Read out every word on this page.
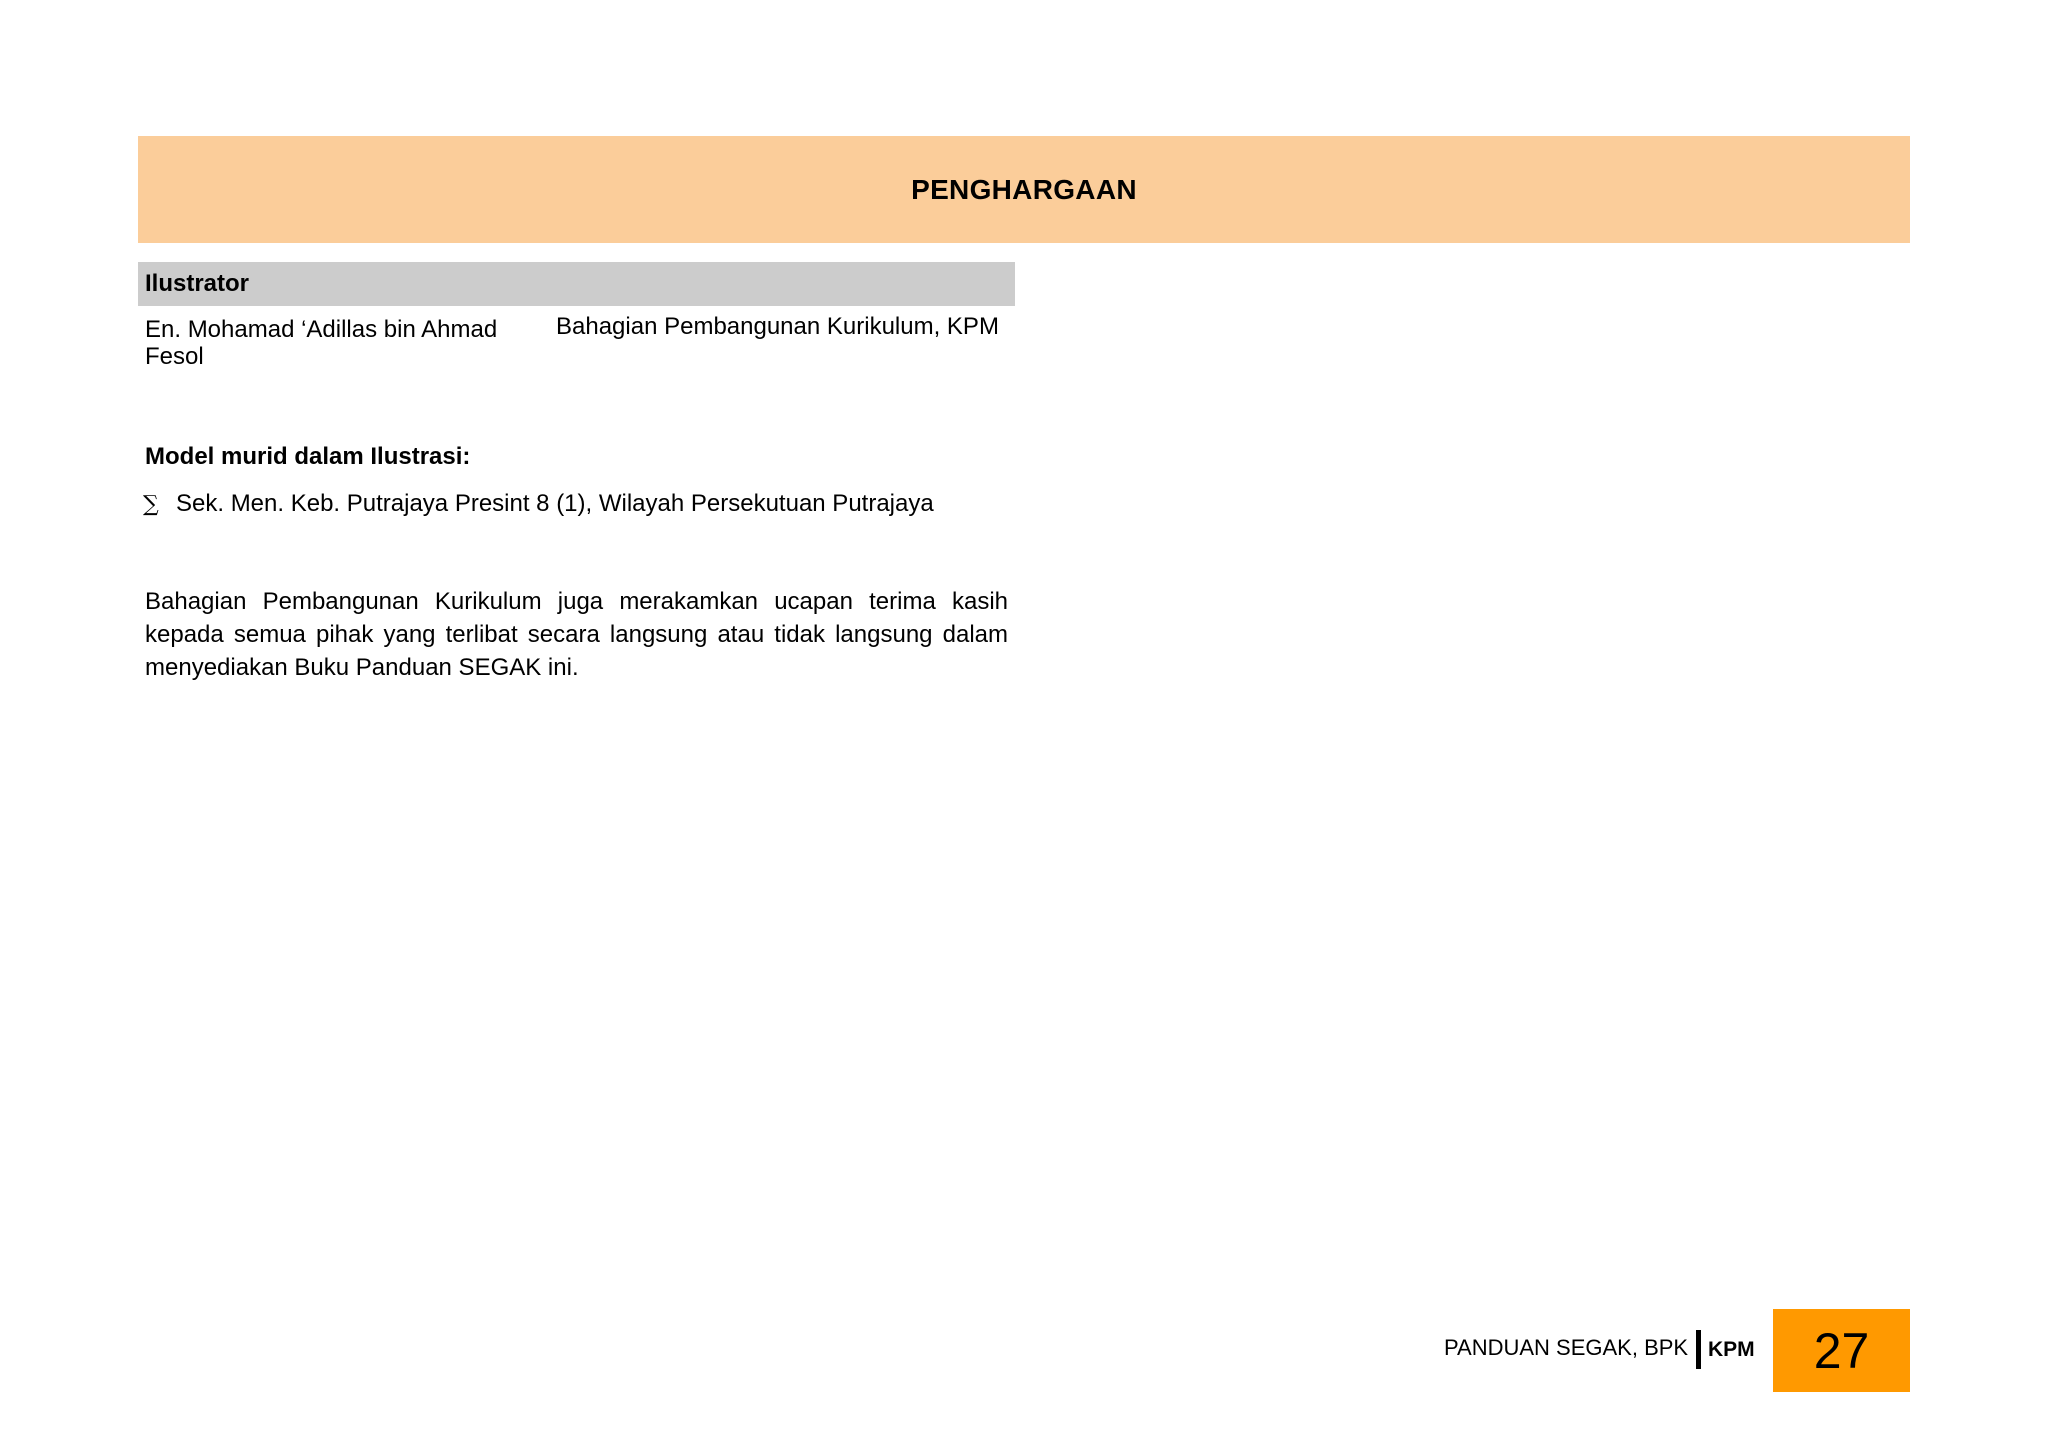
PENGHARGAAN
Ilustrator
En. Mohamad ‘Adillas bin Ahmad Fesol
Bahagian Pembangunan Kurikulum, KPM
Model murid dalam Ilustrasi:
∑ Sek. Men. Keb. Putrajaya Presint 8 (1), Wilayah Persekutuan Putrajaya
Bahagian Pembangunan Kurikulum juga merakamkan ucapan terima kasih kepada semua pihak yang terlibat secara langsung atau tidak langsung dalam menyediakan Buku Panduan SEGAK ini.
PANDUAN SEGAK, BPK KPM 27
